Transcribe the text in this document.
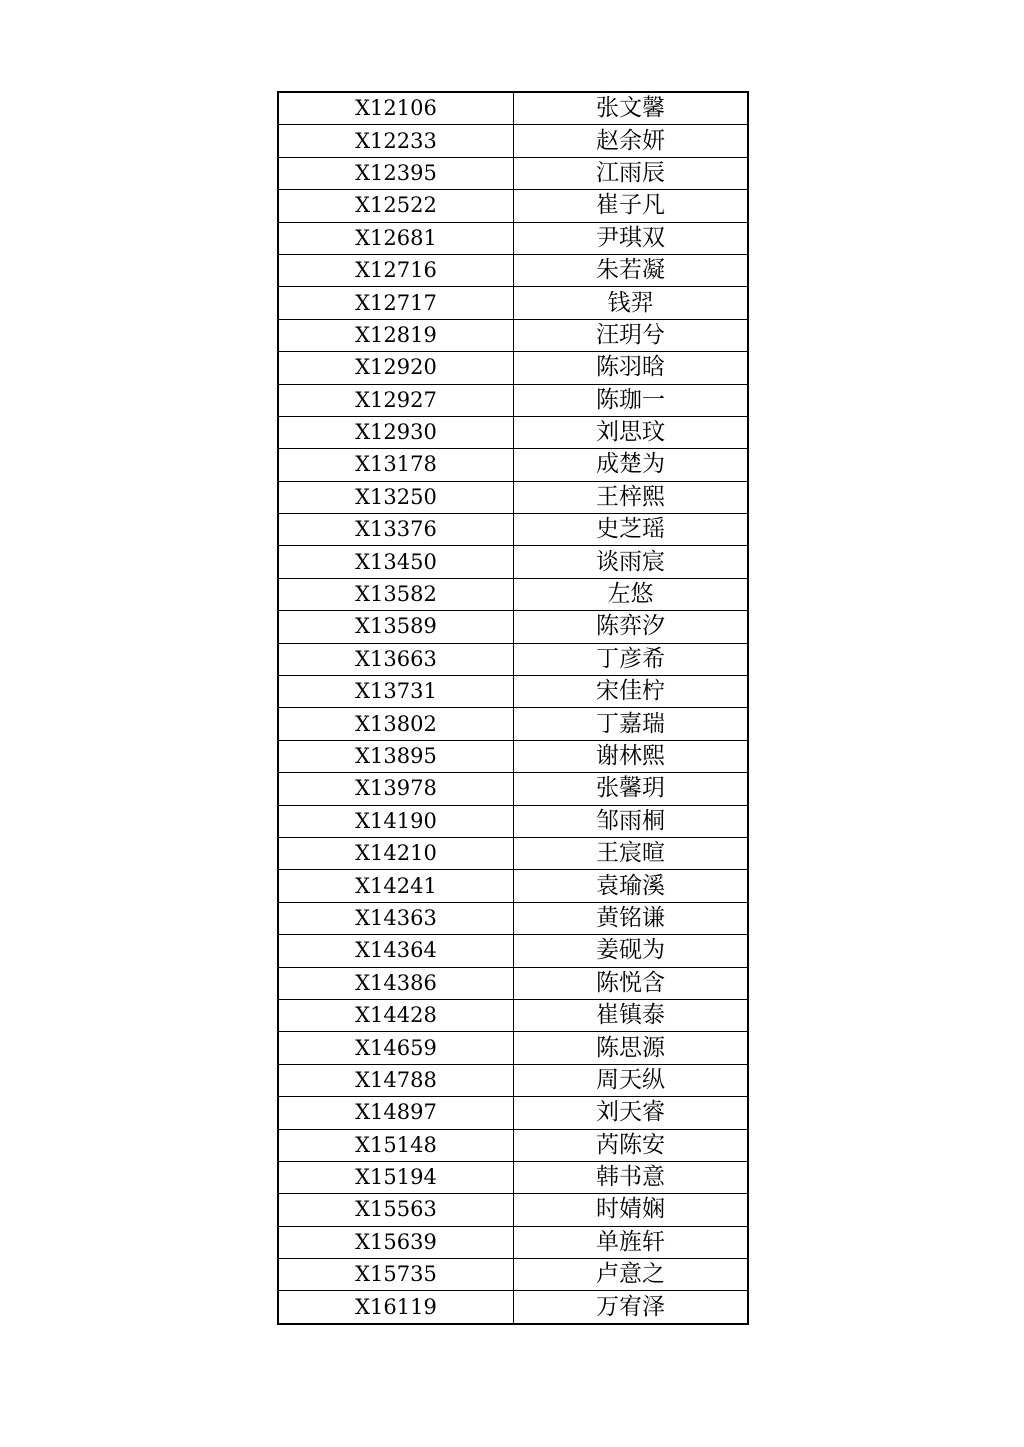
X12106	张文馨
X12233	赵余妍
X12395	江雨辰
X12522	崔子凡
X12681	尹琪双
X12716	朱若凝
X12717	钱羿
X12819	汪玥兮
X12920	陈羽晗
X12927	陈珈一
X12930	刘思玟
X13178	成楚为
X13250	王梓熙
X13376	史芝瑶
X13450	谈雨宸
X13582	左悠
X13589	陈弈汐
X13663	丁彦希
X13731	宋佳柠
X13802	丁嘉瑞
X13895	谢林熙
X13978	张馨玥
X14190	邹雨桐
X14210	王宸暄
X14241	袁瑜溪
X14363	黄铭谦
X14364	姜砚为
X14386	陈悦含
X14428	崔镇泰
X14659	陈思源
X14788	周天纵
X14897	刘天睿
X15148	芮陈安
X15194	韩书意
X15563	时婧娴
X15639	单旌轩
X15735	卢意之
X16119	万宥泽
